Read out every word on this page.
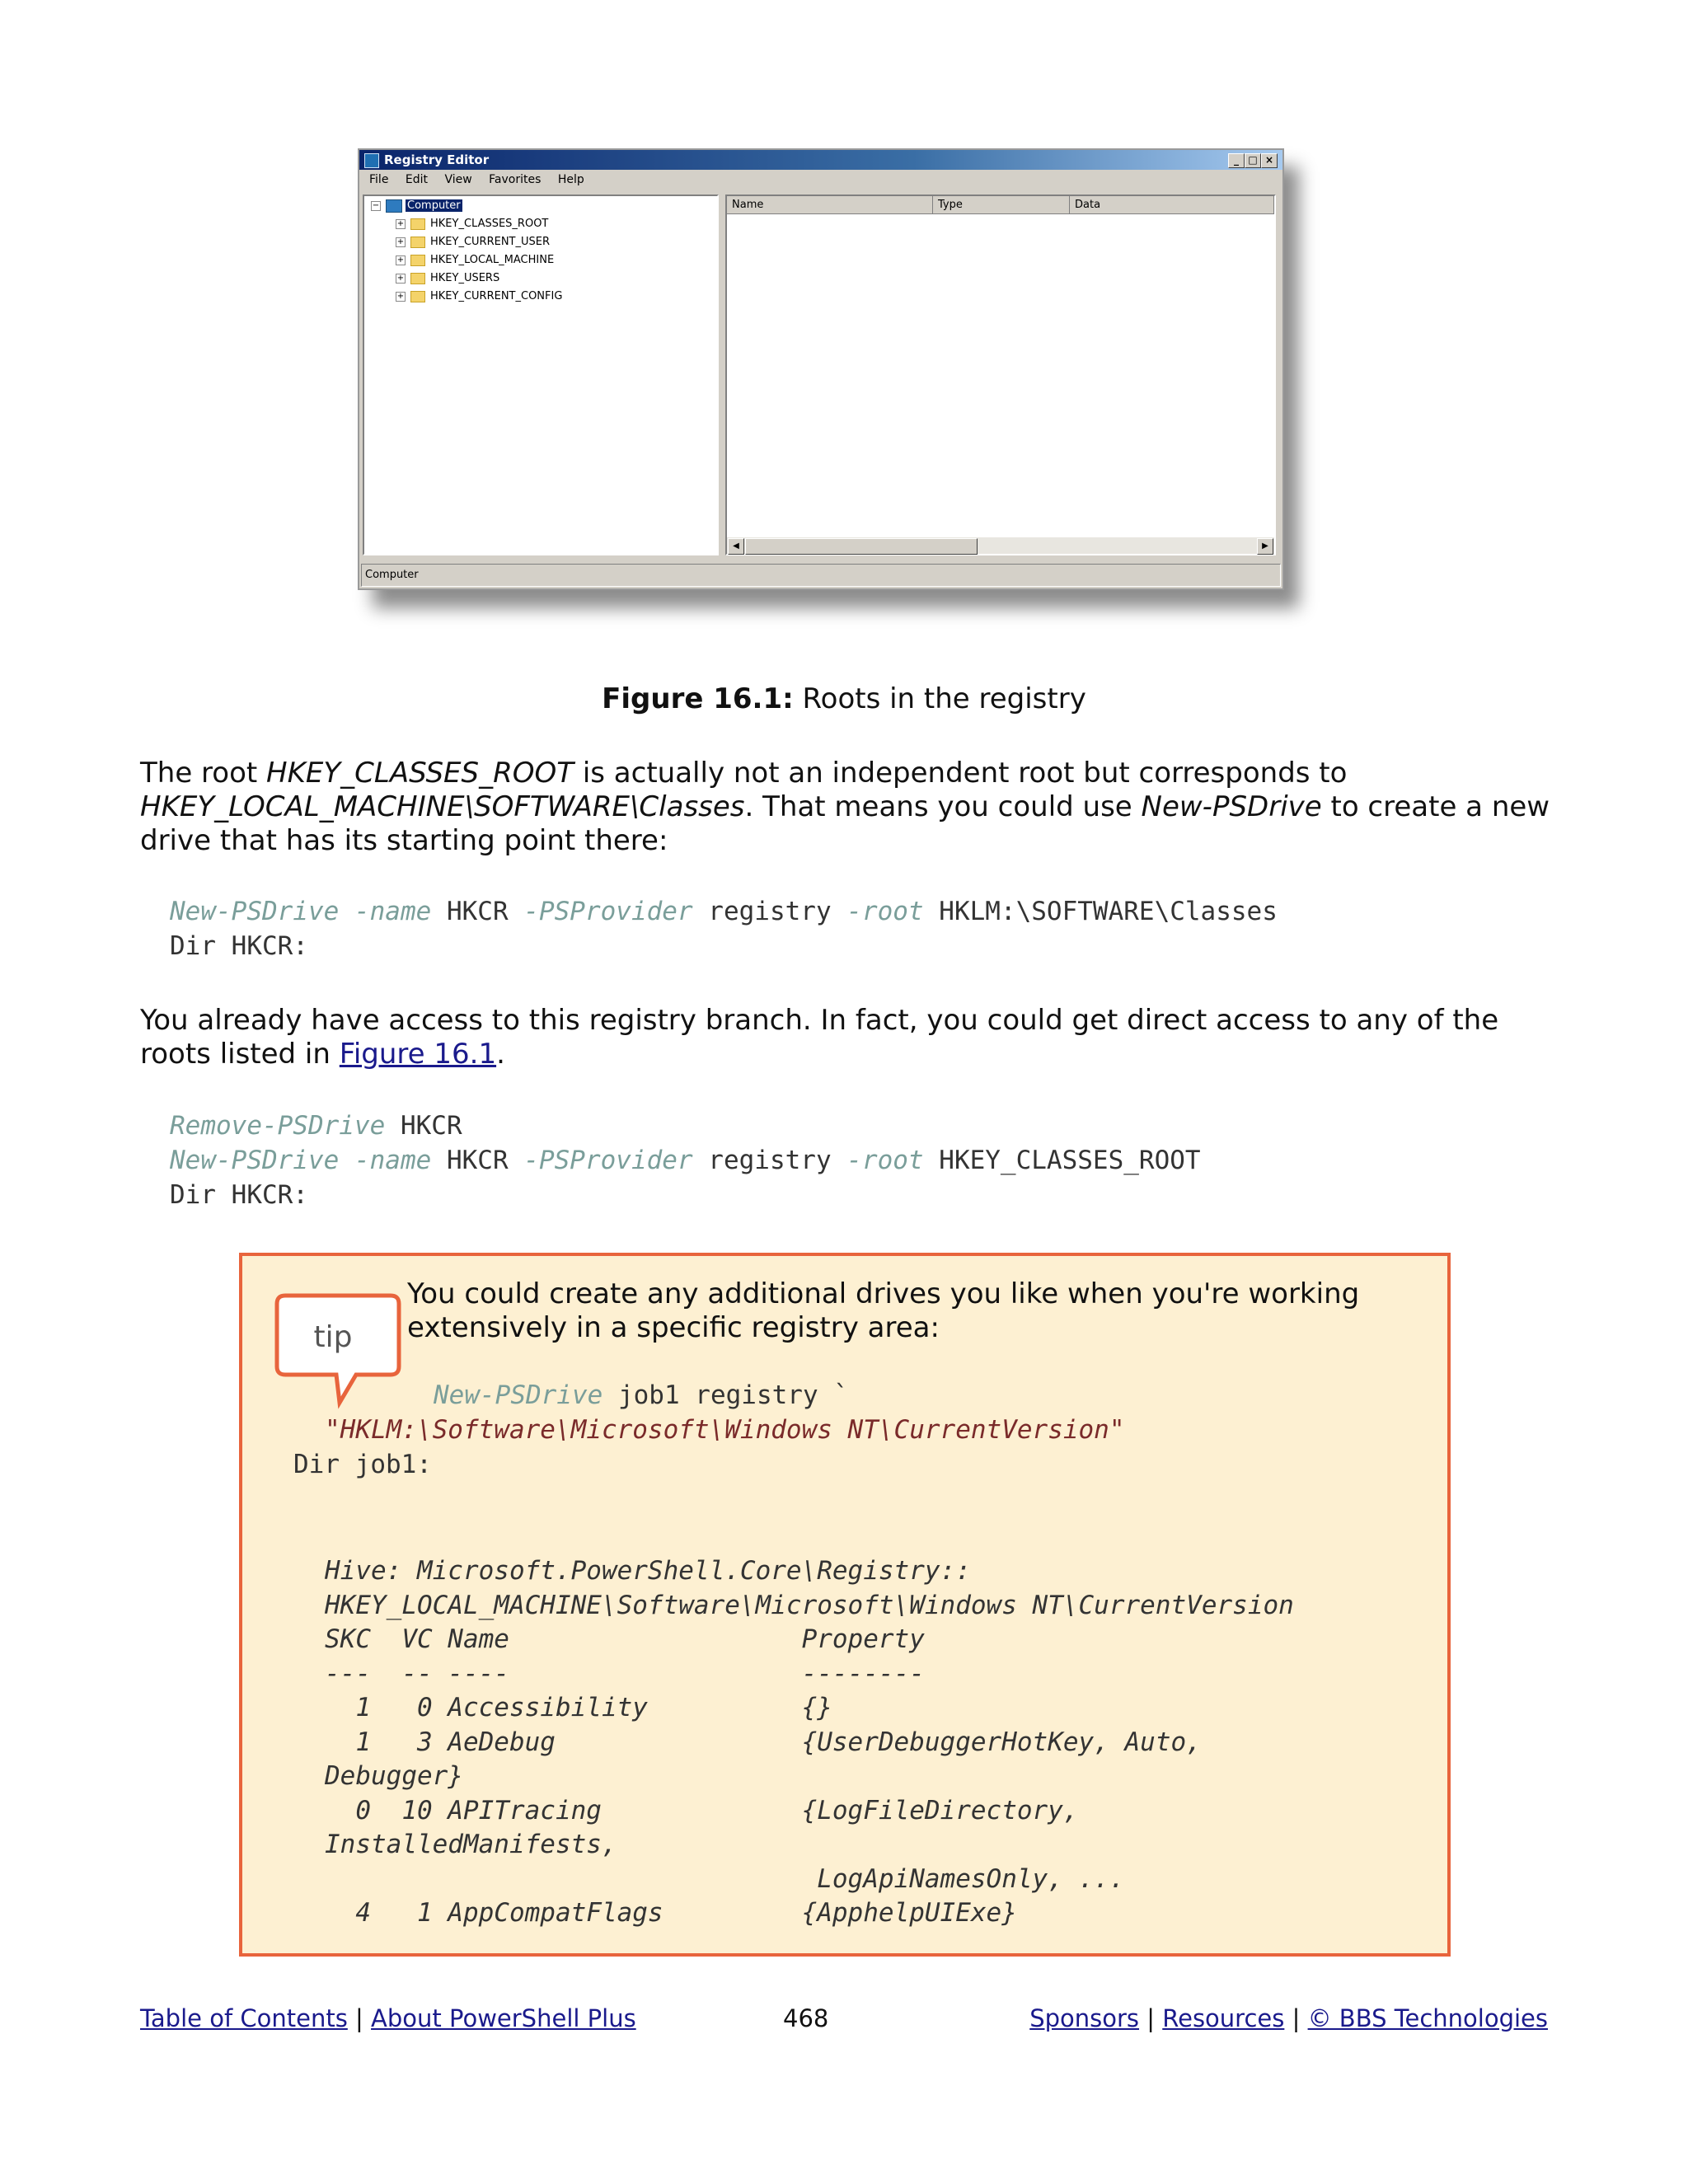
Registry Editor	_ □ ×
File Edit View Favorites Help
−	Computer
+ HKEY_CLASSES_ROOT
+ HKEY_CURRENT_USER
+ HKEY_LOCAL_MACHINE
+ HKEY_USERS
+ HKEY_CURRENT_CONFIG
Name	Type	Data
◀	▶
Computer
Figure 16.1: Roots in the registry

The root HKEY_CLASSES_ROOT is actually not an independent root but corresponds to HKEY_LOCAL_MACHINE\SOFTWARE\Classes. That means you could use New-PSDrive to create a new drive that has its starting point there:

New-PSDrive -name HKCR -PSProvider registry -root HKLM:\SOFTWARE\Classes
Dir HKCR:

You already have access to this registry branch. In fact, you could get direct access to any of the roots listed in Figure 16.1.

Remove-PSDrive HKCR
New-PSDrive -name HKCR -PSProvider registry -root HKEY_CLASSES_ROOT
Dir HKCR:
tip

You could create any additional drives you like when you're working extensively in a specific registry area:

New-PSDrive job1 registry `
"HKLM:\Software\Microsoft\Windows NT\CurrentVersion"
Dir job1:
Hive: Microsoft.PowerShell.Core\Registry::
HKEY_LOCAL_MACHINE\Software\Microsoft\Windows NT\CurrentVersion
SKC  VC Name                   Property
---  -- ----                   --------
1   0 Accessibility          {}
1   3 AeDebug                {UserDebuggerHotKey, Auto,
Debugger}
0  10 APITracing             {LogFileDirectory,
InstalledManifests,
LogApiNamesOnly, ...
4   1 AppCompatFlags         {ApphelpUIExe}
Table of Contents | About PowerShell Plus	468	Sponsors | Resources | © BBS Technologies
